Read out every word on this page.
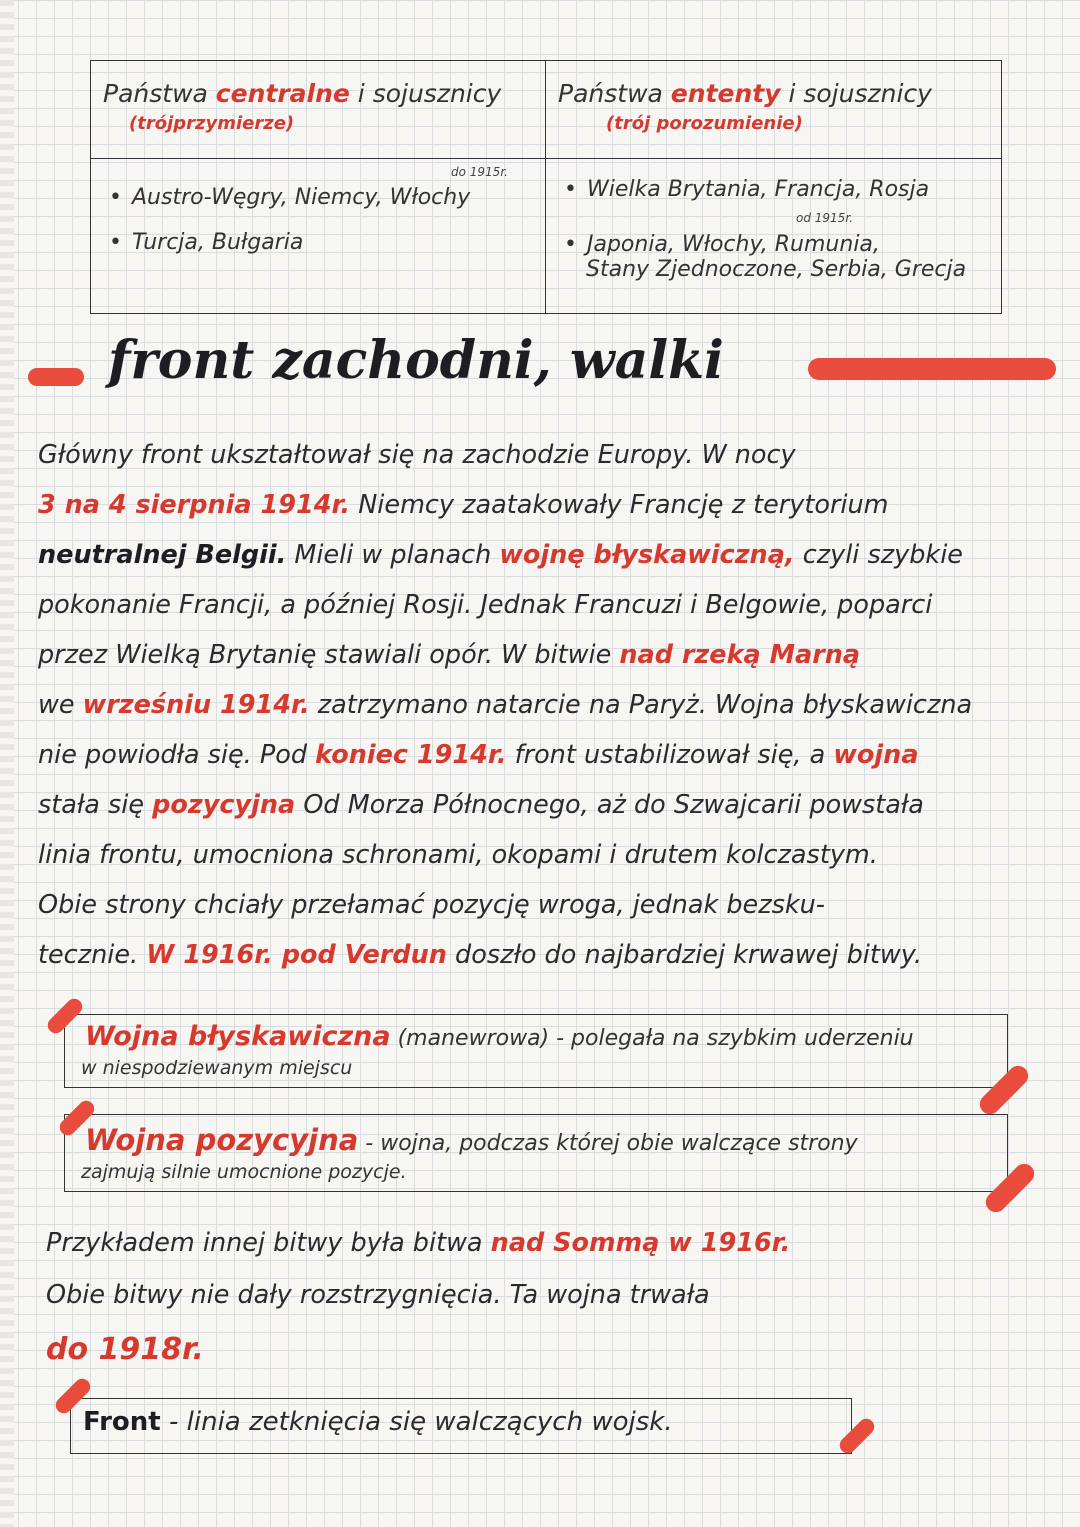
Państwa centralne i sojusznicy
(trójprzymierze)
Państwa ententy i sojusznicy
(trój porozumienie)
do 1915r.
• Austro-Węgry, Niemcy, Włochy
• Turcja, Bułgaria
od 1915r.
• Wielka Brytania, Francja, Rosja
• Japonia, Włochy, Rumunia,
Stany Zjednoczone, Serbia, Grecja
front zachodni, walki
Główny front ukształtował się na zachodzie Europy. W nocy
3 na 4 sierpnia 1914r. Niemcy zaatakowały Francję z terytorium
neutralnej Belgii. Mieli w planach wojnę błyskawiczną, czyli szybkie
pokonanie Francji, a później Rosji. Jednak Francuzi i Belgowie, poparci
przez Wielką Brytanię stawiali opór. W bitwie nad rzeką Marną
we wrześniu 1914r. zatrzymano natarcie na Paryż. Wojna błyskawiczna
nie powiodła się. Pod koniec 1914r. front ustabilizował się, a wojna
stała się pozycyjna Od Morza Północnego, aż do Szwajcarii powstała
linia frontu, umocniona schronami, okopami i drutem kolczastym.
Obie strony chciały przełamać pozycję wroga, jednak bezsku-
tecznie. W 1916r. pod Verdun doszło do najbardziej krwawej bitwy.
Wojna błyskawiczna (manewrowa) - polegała na szybkim uderzeniu
w niespodziewanym miejscu
Wojna pozycyjna - wojna, podczas której obie walczące strony
zajmują silnie umocnione pozycje.
Przykładem innej bitwy była bitwa nad Sommą w 1916r.
Obie bitwy nie dały rozstrzygnięcia. Ta wojna trwała
do 1918r.
Front - linia zetknięcia się walczących wojsk.
